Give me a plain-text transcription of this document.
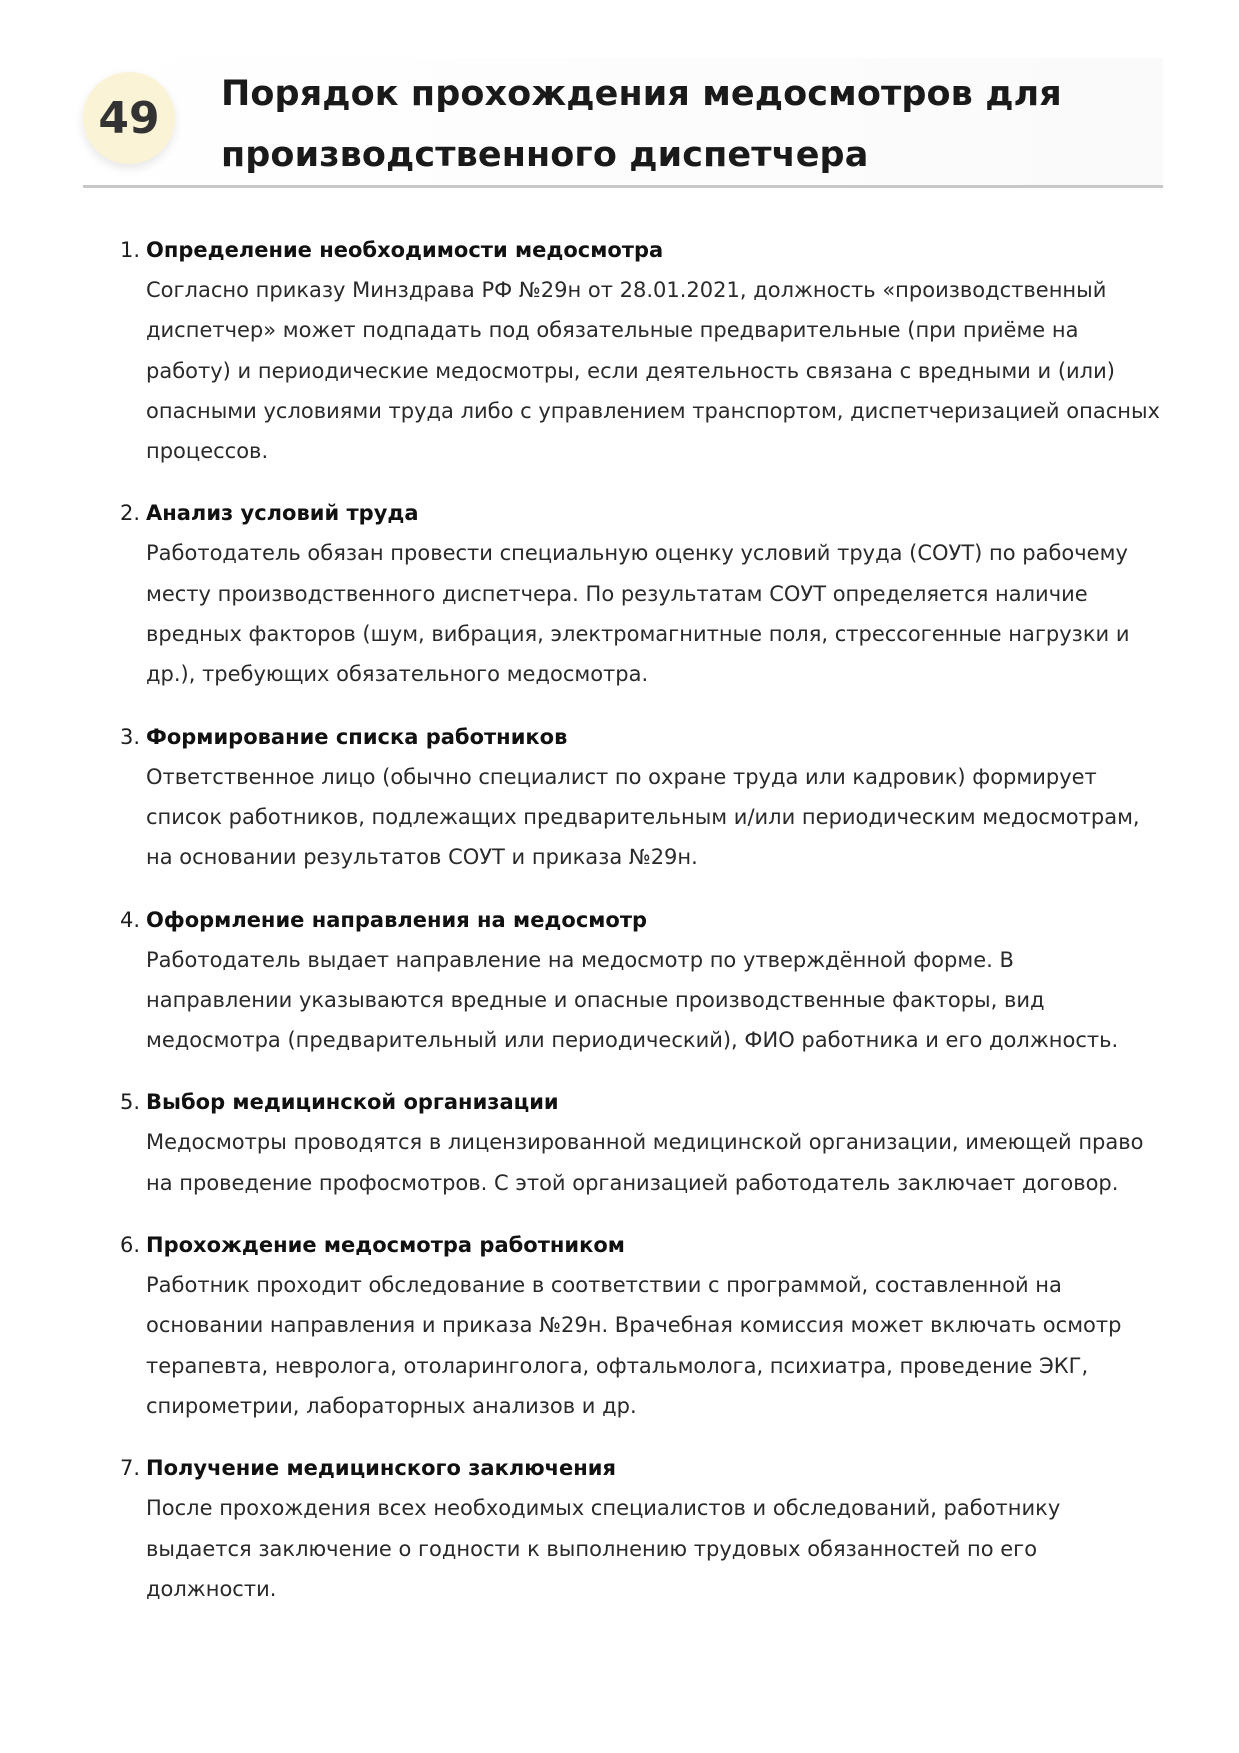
49	Порядок прохождения медосмотров для производственного диспетчера
1. Определение необходимости медосмотра

Согласно приказу Минздрава РФ №29н от 28.01.2021, должность «производственный диспетчер» может подпадать под обязательные предварительные (при приёме на работу) и периодические медосмотры, если деятельность связана с вредными и (или) опасными условиями труда либо с управлением транспортом, диспетчеризацией опасных процессов.

2. Анализ условий труда

Работодатель обязан провести специальную оценку условий труда (СОУТ) по рабочему месту производственного диспетчера. По результатам СОУТ определяется наличие вредных факторов (шум, вибрация, электромагнитные поля, стрессогенные нагрузки и др.), требующих обязательного медосмотра.

3. Формирование списка работников

Ответственное лицо (обычно специалист по охране труда или кадровик) формирует список работников, подлежащих предварительным и/или периодическим медосмотрам, на основании результатов СОУТ и приказа №29н.

4. Оформление направления на медосмотр

Работодатель выдает направление на медосмотр по утверждённой форме. В направлении указываются вредные и опасные производственные факторы, вид медосмотра (предварительный или периодический), ФИО работника и его должность.

5. Выбор медицинской организации

Медосмотры проводятся в лицензированной медицинской организации, имеющей право на проведение профосмотров. С этой организацией работодатель заключает договор.

6. Прохождение медосмотра работником

Работник проходит обследование в соответствии с программой, составленной на основании направления и приказа №29н. Врачебная комиссия может включать осмотр терапевта, невролога, отоларинголога, офтальмолога, психиатра, проведение ЭКГ, спирометрии, лабораторных анализов и др.

7. Получение медицинского заключения

После прохождения всех необходимых специалистов и обследований, работнику выдается заключение о годности к выполнению трудовых обязанностей по его должности.
